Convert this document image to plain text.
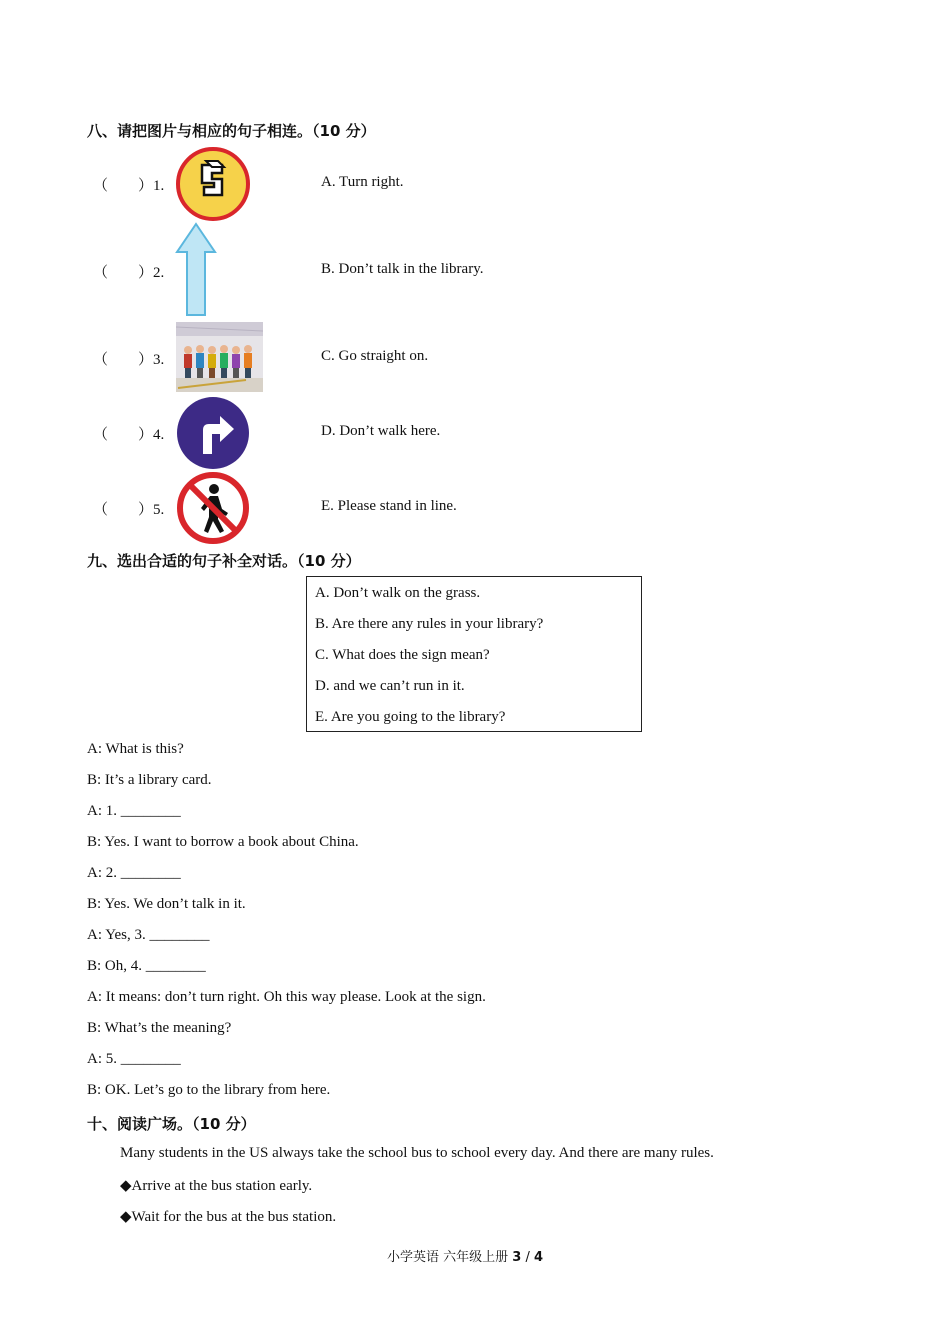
八、请把图片与相应的句子相连。（10 分）
（　　）1.
（　　）2.
（　　）3.
（　　）4.
（　　）5.
A. Turn right.
B. Don’t talk in the library.
C. Go straight on.
D. Don’t walk here.
E. Please stand in line.
九、选出合适的句子补全对话。（10 分）
A. Don’t walk on the grass.
B. Are there any rules in your library?
C. What does the sign mean?
D. and we can’t run in it.
E. Are you going to the library?
A: What is this?
B: It’s a library card.
A: 1. ________
B: Yes. I want to borrow a book about China.
A: 2. ________
B: Yes. We don’t talk in it.
A: Yes, 3. ________
B: Oh, 4. ________
A: It means: don’t turn right. Oh this way please. Look at the sign.
B: What’s the meaning?
A: 5. ________
B: OK. Let’s go to the library from here.
十、阅读广场。（10 分）
Many students in the US always take the school bus to school every day. And there are many rules.
◆Arrive at the bus station early.
◆Wait for the bus at the bus station.
小学英语 六年级上册 3 / 4
